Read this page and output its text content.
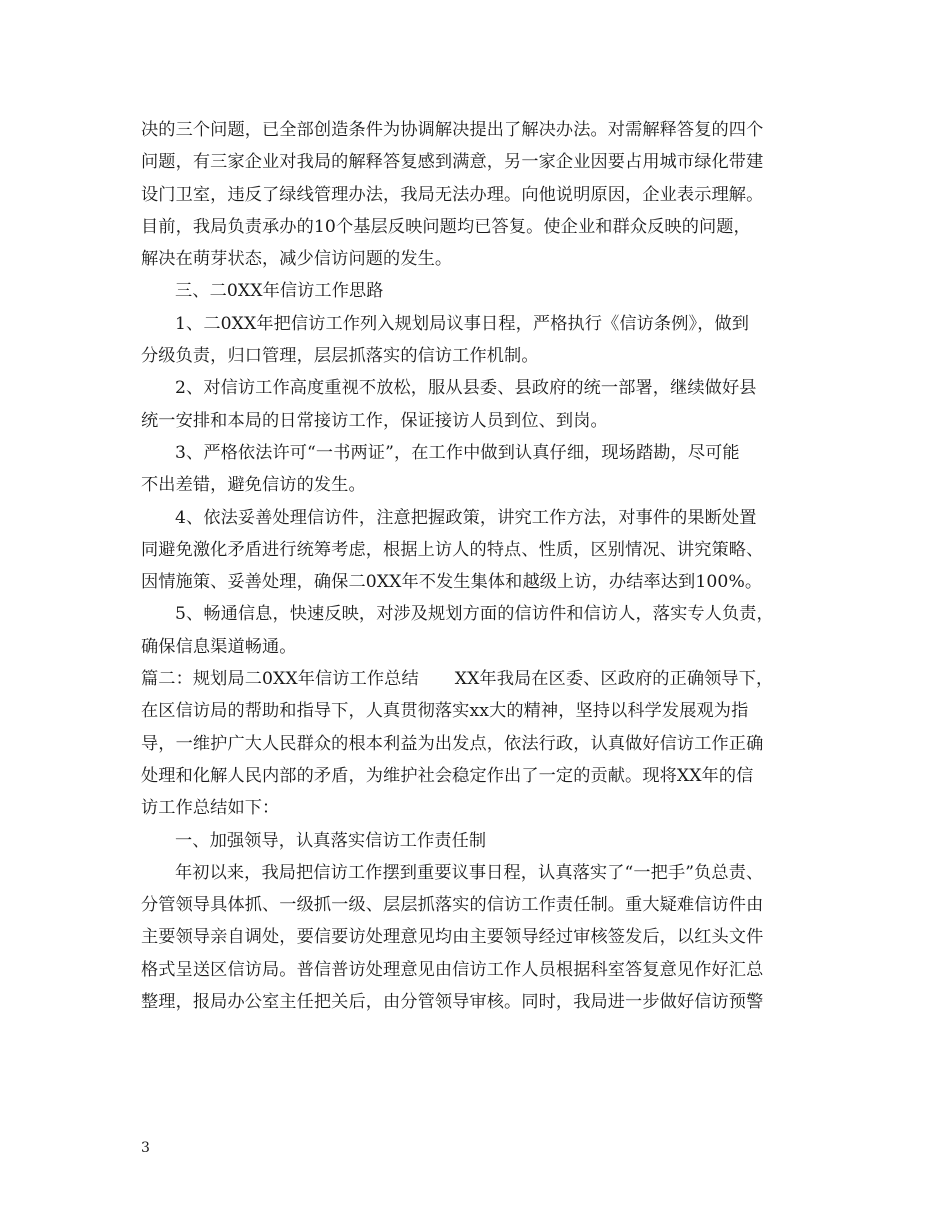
决的三个问题，已全部创造条件为协调解决提出了解决办法。对需解释答复的四个
问题，有三家企业对我局的解释答复感到满意，另一家企业因要占用城市绿化带建
设门卫室，违反了绿线管理办法，我局无法办理。向他说明原因，企业表示理解。
目前，我局负责承办的10个基层反映问题均已答复。使企业和群众反映的问题，
解决在萌芽状态，减少信访问题的发生。
三、二0XX年信访工作思路
1、二0XX年把信访工作列入规划局议事日程，严格执行《信访条例》，做到
分级负责，归口管理，层层抓落实的信访工作机制。
2、对信访工作高度重视不放松，服从县委、县政府的统一部署，继续做好县
统一安排和本局的日常接访工作，保证接访人员到位、到岗。
3、严格依法许可“一书两证”，在工作中做到认真仔细，现场踏勘，尽可能
不出差错，避免信访的发生。
4、依法妥善处理信访件，注意把握政策，讲究工作方法，对事件的果断处置
同避免激化矛盾进行统筹考虑，根据上访人的特点、性质，区别情况、讲究策略、
因情施策、妥善处理，确保二0XX年不发生集体和越级上访，办结率达到100%。
5、畅通信息，快速反映，对涉及规划方面的信访件和信访人，落实专人负责，
确保信息渠道畅通。
篇二：规划局二0XX年信访工作总结 XX年我局在区委、区政府的正确领导下，
在区信访局的帮助和指导下，人真贯彻落实xx大的精神，坚持以科学发展观为指
导，一维护广大人民群众的根本利益为出发点，依法行政，认真做好信访工作正确
处理和化解人民内部的矛盾，为维护社会稳定作出了一定的贡献。现将XX年的信
访工作总结如下：
一、加强领导，认真落实信访工作责任制
年初以来，我局把信访工作摆到重要议事日程，认真落实了“一把手”负总责、
分管领导具体抓、一级抓一级、层层抓落实的信访工作责任制。重大疑难信访件由
主要领导亲自调处，要信要访处理意见均由主要领导经过审核签发后，以红头文件
格式呈送区信访局。普信普访处理意见由信访工作人员根据科室答复意见作好汇总
整理，报局办公室主任把关后，由分管领导审核。同时，我局进一步做好信访预警
3
